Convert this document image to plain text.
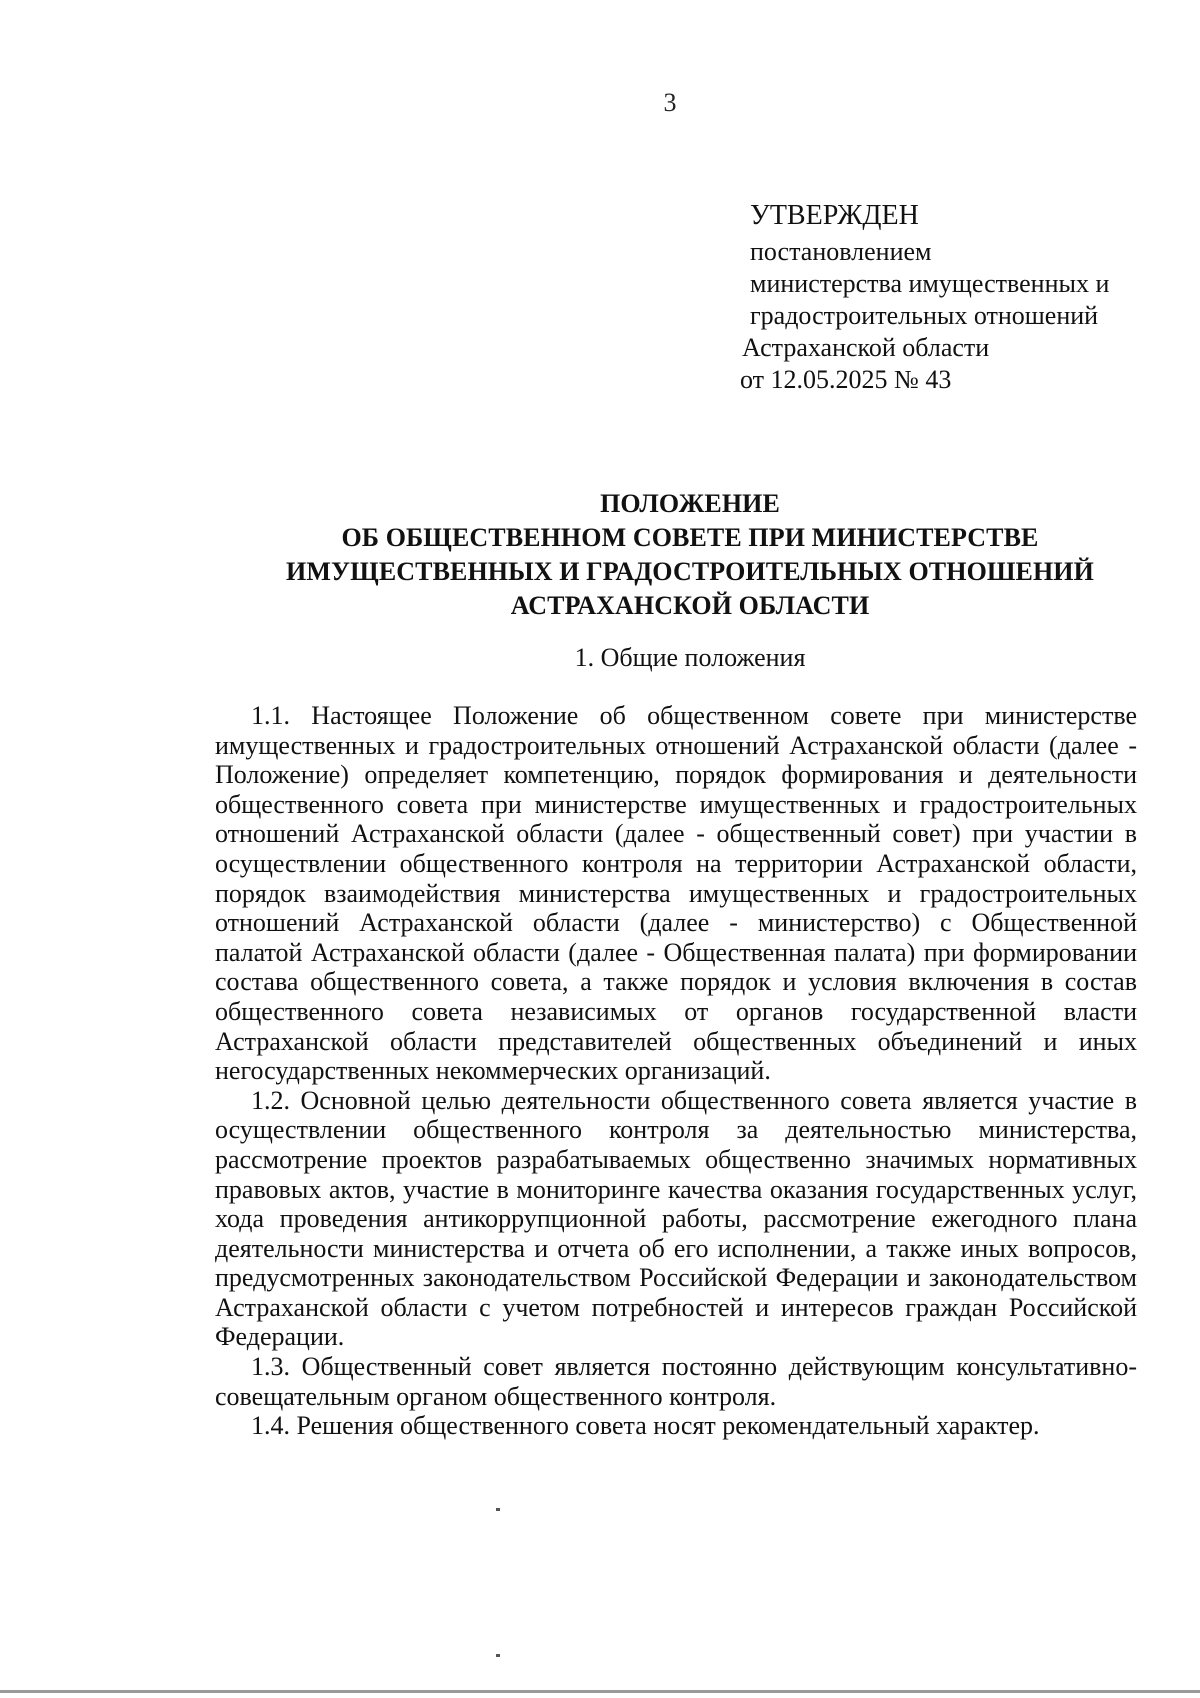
3
УТВЕРЖДЕН
постановлением
министерства имущественных и
градостроительных отношений
Астраханской области
от 12.05.2025 № 43
ПОЛОЖЕНИЕ
ОБ ОБЩЕСТВЕННОМ СОВЕТЕ ПРИ МИНИСТЕРСТВЕ ИМУЩЕСТВЕННЫХ И ГРАДОСТРОИТЕЛЬНЫХ ОТНОШЕНИЙ АСТРАХАНСКОЙ ОБЛАСТИ
1. Общие положения

1.1. Настоящее Положение об общественном совете при министерстве имущественных и градостроительных отношений Астраханской области (далее - Положение) определяет компетенцию, порядок формирования и деятельности общественного совета при министерстве имущественных и градостроительных отношений Астраханской области (далее - общественный совет) при участии в осуществлении общественного контроля на территории Астраханской области, порядок взаимодействия министерства имущественных и градостроительных отношений Астраханской области (далее - министерство) с Общественной палатой Астраханской области (далее - Общественная палата) при формировании состава общественного совета, а также порядок и условия включения в состав общественного совета независимых от органов государственной власти Астраханской области представителей общественных объединений и иных негосударственных некоммерческих организаций.

1.2. Основной целью деятельности общественного совета является участие в осуществлении общественного контроля за деятельностью министерства, рассмотрение проектов разрабатываемых общественно значимых нормативных правовых актов, участие в мониторинге качества оказания государственных услуг, хода проведения антикоррупционной работы, рассмотрение ежегодного плана деятельности министерства и отчета об его исполнении, а также иных вопросов, предусмотренных законодательством Российской Федерации и законодательством Астраханской области с учетом потребностей и интересов граждан Российской Федерации.

1.3. Общественный совет является постоянно действующим консультативно-совещательным органом общественного контроля.

1.4. Решения общественного совета носят рекомендательный характер.
